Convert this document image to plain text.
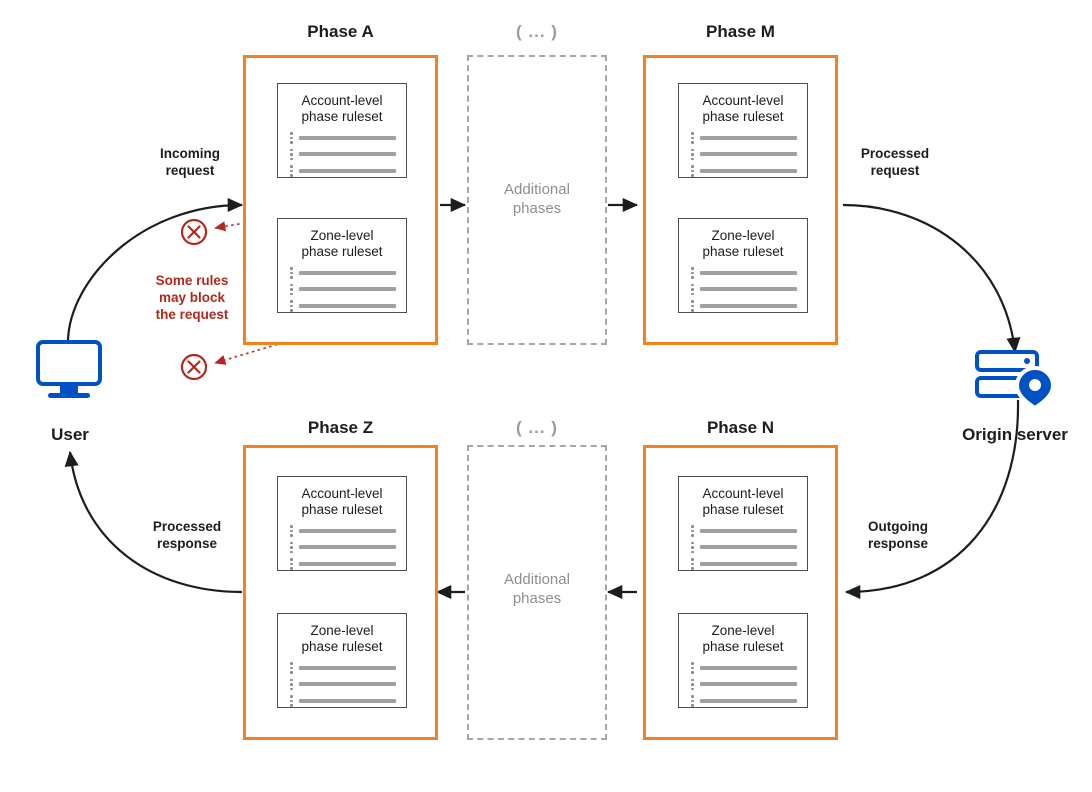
Phase A
Account-level
phase ruleset
Zone-level
phase ruleset
( ... )
Additional
phases
Phase M
Account-level
phase ruleset
Zone-level
phase ruleset
Phase Z
Account-level
phase ruleset
Zone-level
phase ruleset
( ... )
Additional
phases
Phase N
Account-level
phase ruleset
Zone-level
phase ruleset
User	Origin server
Incoming
request
Processed
request
Outgoing
response
Processed
response
Some rules
may block
the request
